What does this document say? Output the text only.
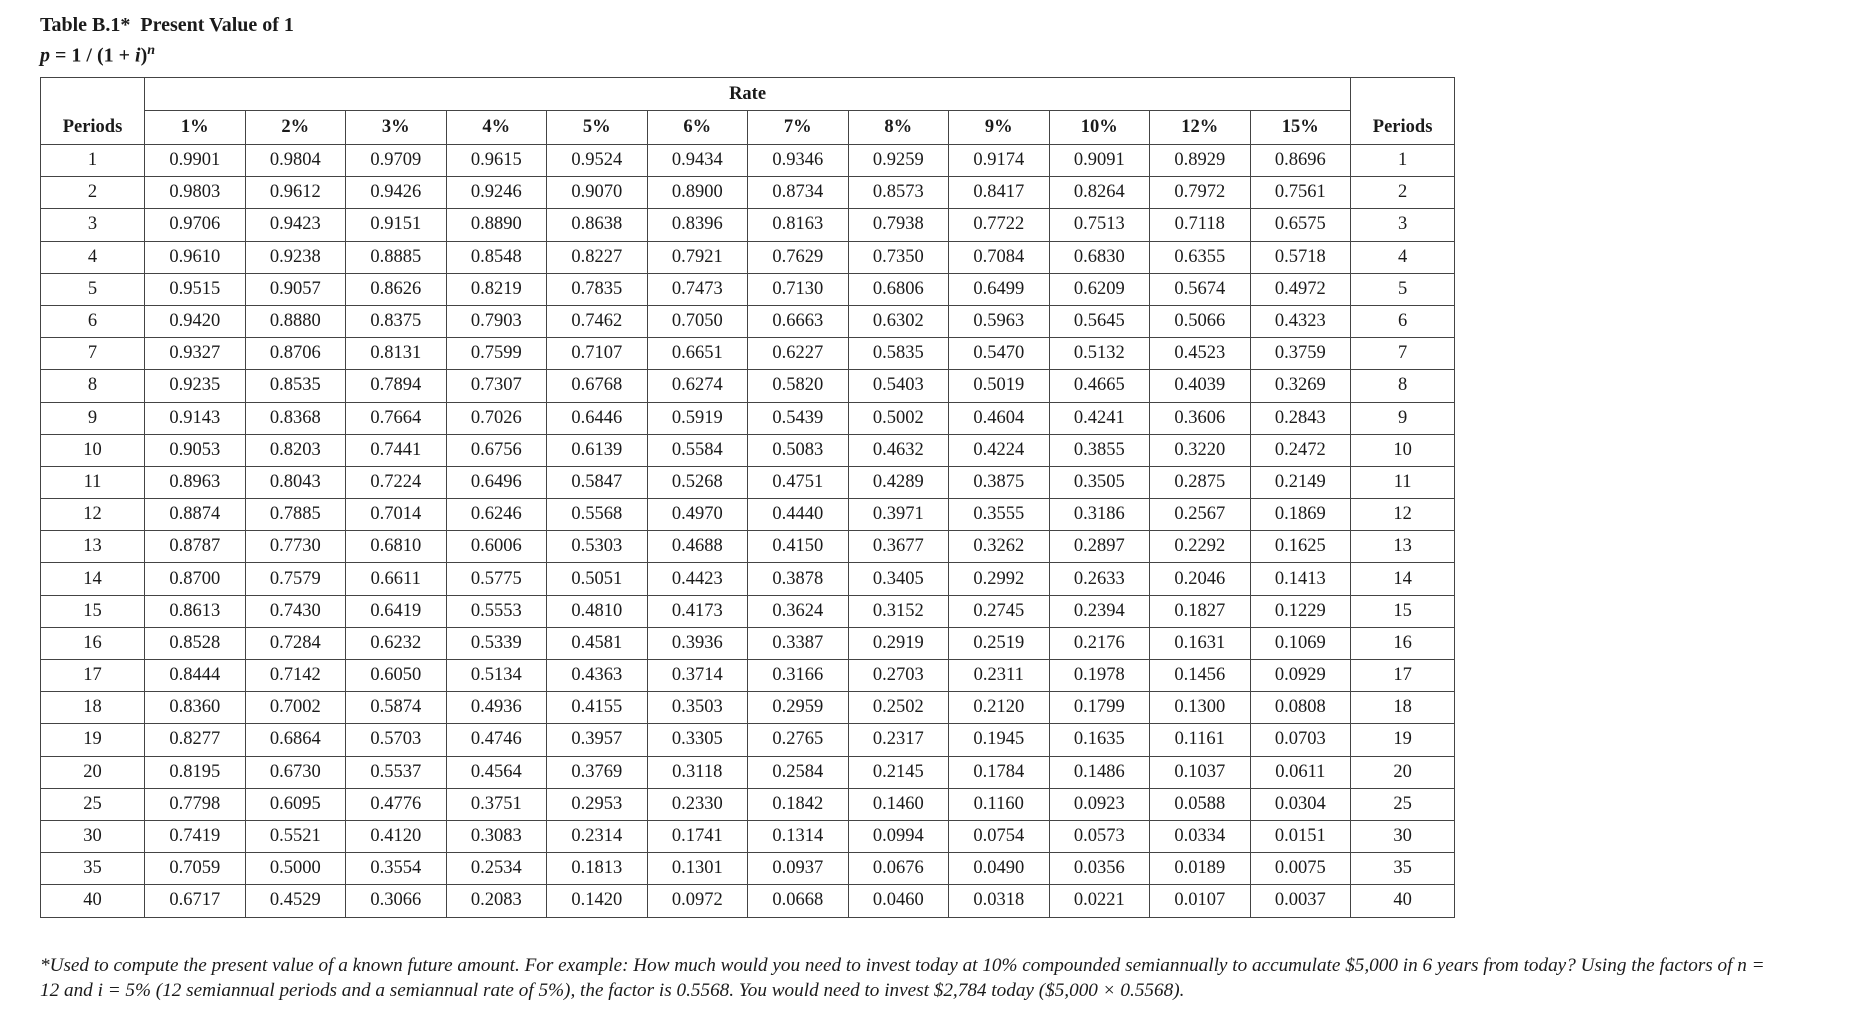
Table B.1*  Present Value of 1
$p = 1 / (1 + i)^n$
	Rate												
Periods	1%	2%	3%	4%	5%	6%	7%	8%	9%	10%	12%	15%	Periods
1	0.9901	0.9804	0.9709	0.9615	0.9524	0.9434	0.9346	0.9259	0.9174	0.9091	0.8929	0.8696	1
2	0.9803	0.9612	0.9426	0.9246	0.9070	0.8900	0.8734	0.8573	0.8417	0.8264	0.7972	0.7561	2
3	0.9706	0.9423	0.9151	0.8890	0.8638	0.8396	0.8163	0.7938	0.7722	0.7513	0.7118	0.6575	3
4	0.9610	0.9238	0.8885	0.8548	0.8227	0.7921	0.7629	0.7350	0.7084	0.6830	0.6355	0.5718	4
5	0.9515	0.9057	0.8626	0.8219	0.7835	0.7473	0.7130	0.6806	0.6499	0.6209	0.5674	0.4972	5
6	0.9420	0.8880	0.8375	0.7903	0.7462	0.7050	0.6663	0.6302	0.5963	0.5645	0.5066	0.4323	6
7	0.9327	0.8706	0.8131	0.7599	0.7107	0.6651	0.6227	0.5835	0.5470	0.5132	0.4523	0.3759	7
8	0.9235	0.8535	0.7894	0.7307	0.6768	0.6274	0.5820	0.5403	0.5019	0.4665	0.4039	0.3269	8
9	0.9143	0.8368	0.7664	0.7026	0.6446	0.5919	0.5439	0.5002	0.4604	0.4241	0.3606	0.2843	9
10	0.9053	0.8203	0.7441	0.6756	0.6139	0.5584	0.5083	0.4632	0.4224	0.3855	0.3220	0.2472	10
11	0.8963	0.8043	0.7224	0.6496	0.5847	0.5268	0.4751	0.4289	0.3875	0.3505	0.2875	0.2149	11
12	0.8874	0.7885	0.7014	0.6246	0.5568	0.4970	0.4440	0.3971	0.3555	0.3186	0.2567	0.1869	12
13	0.8787	0.7730	0.6810	0.6006	0.5303	0.4688	0.4150	0.3677	0.3262	0.2897	0.2292	0.1625	13
14	0.8700	0.7579	0.6611	0.5775	0.5051	0.4423	0.3878	0.3405	0.2992	0.2633	0.2046	0.1413	14
15	0.8613	0.7430	0.6419	0.5553	0.4810	0.4173	0.3624	0.3152	0.2745	0.2394	0.1827	0.1229	15
16	0.8528	0.7284	0.6232	0.5339	0.4581	0.3936	0.3387	0.2919	0.2519	0.2176	0.1631	0.1069	16
17	0.8444	0.7142	0.6050	0.5134	0.4363	0.3714	0.3166	0.2703	0.2311	0.1978	0.1456	0.0929	17
18	0.8360	0.7002	0.5874	0.4936	0.4155	0.3503	0.2959	0.2502	0.2120	0.1799	0.1300	0.0808	18
19	0.8277	0.6864	0.5703	0.4746	0.3957	0.3305	0.2765	0.2317	0.1945	0.1635	0.1161	0.0703	19
20	0.8195	0.6730	0.5537	0.4564	0.3769	0.3118	0.2584	0.2145	0.1784	0.1486	0.1037	0.0611	20
25	0.7798	0.6095	0.4776	0.3751	0.2953	0.2330	0.1842	0.1460	0.1160	0.0923	0.0588	0.0304	25
30	0.7419	0.5521	0.4120	0.3083	0.2314	0.1741	0.1314	0.0994	0.0754	0.0573	0.0334	0.0151	30
35	0.7059	0.5000	0.3554	0.2534	0.1813	0.1301	0.0937	0.0676	0.0490	0.0356	0.0189	0.0075	35
40	0.6717	0.4529	0.3066	0.2083	0.1420	0.0972	0.0668	0.0460	0.0318	0.0221	0.0107	0.0037	40
*Used to compute the present value of a known future amount. For example: How much would you need to invest today at 10% compounded semiannually to accumulate $5,000 in 6 years from today? Using the factors of n =
12 and i = 5% (12 semiannual periods and a semiannual rate of 5%), the factor is 0.5568. You would need to invest $2,784 today ($5,000 × 0.5568).
